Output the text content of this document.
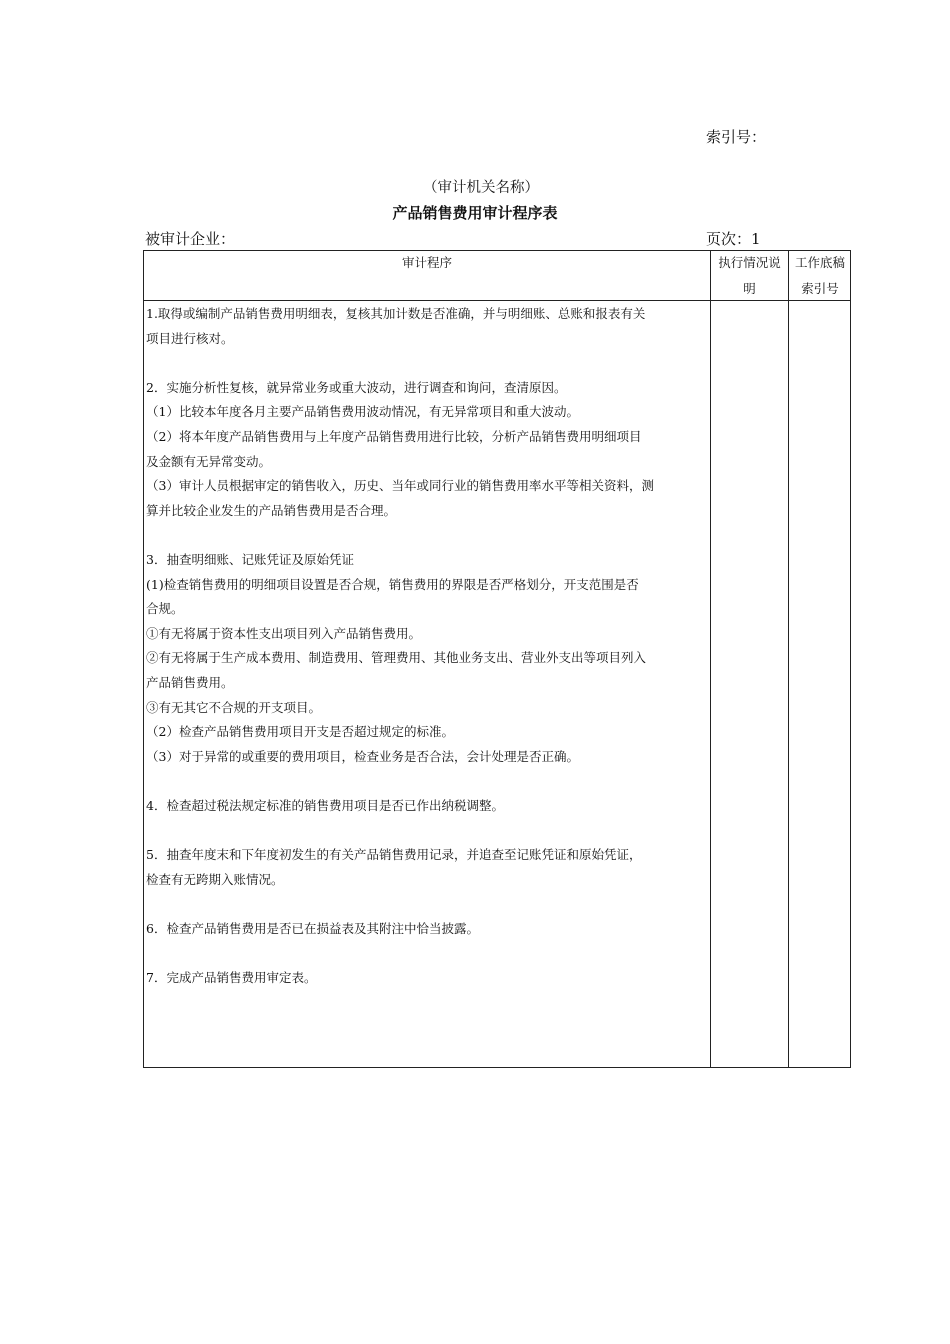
索引号：
（审计机关名称）
产品销售费用审计程序表
被审计企业：	页次：1
审计程序	执行情况说
明
工作底稿
索引号
1.取得或编制产品销售费用明细表，复核其加计数是否准确，并与明细账、总账和报表有关
项目进行核对。
2．实施分析性复核，就异常业务或重大波动，进行调查和询问，查清原因。
（1）比较本年度各月主要产品销售费用波动情况，有无异常项目和重大波动。
（2）将本年度产品销售费用与上年度产品销售费用进行比较，分析产品销售费用明细项目
及金额有无异常变动。
（3）审计人员根据审定的销售收入，历史、当年或同行业的销售费用率水平等相关资料，测
算并比较企业发生的产品销售费用是否合理。
3．抽查明细账、记账凭证及原始凭证
(1)检查销售费用的明细项目设置是否合规，销售费用的界限是否严格划分，开支范围是否
合规。
①有无将属于资本性支出项目列入产品销售费用。
②有无将属于生产成本费用、制造费用、管理费用、其他业务支出、营业外支出等项目列入
产品销售费用。
③有无其它不合规的开支项目。
（2）检查产品销售费用项目开支是否超过规定的标准。
（3）对于异常的或重要的费用项目，检查业务是否合法，会计处理是否正确。
4．检查超过税法规定标准的销售费用项目是否已作出纳税调整。
5．抽查年度末和下年度初发生的有关产品销售费用记录，并追查至记账凭证和原始凭证，
检查有无跨期入账情况。
6．检查产品销售费用是否已在损益表及其附注中恰当披露。
7．完成产品销售费用审定表。
